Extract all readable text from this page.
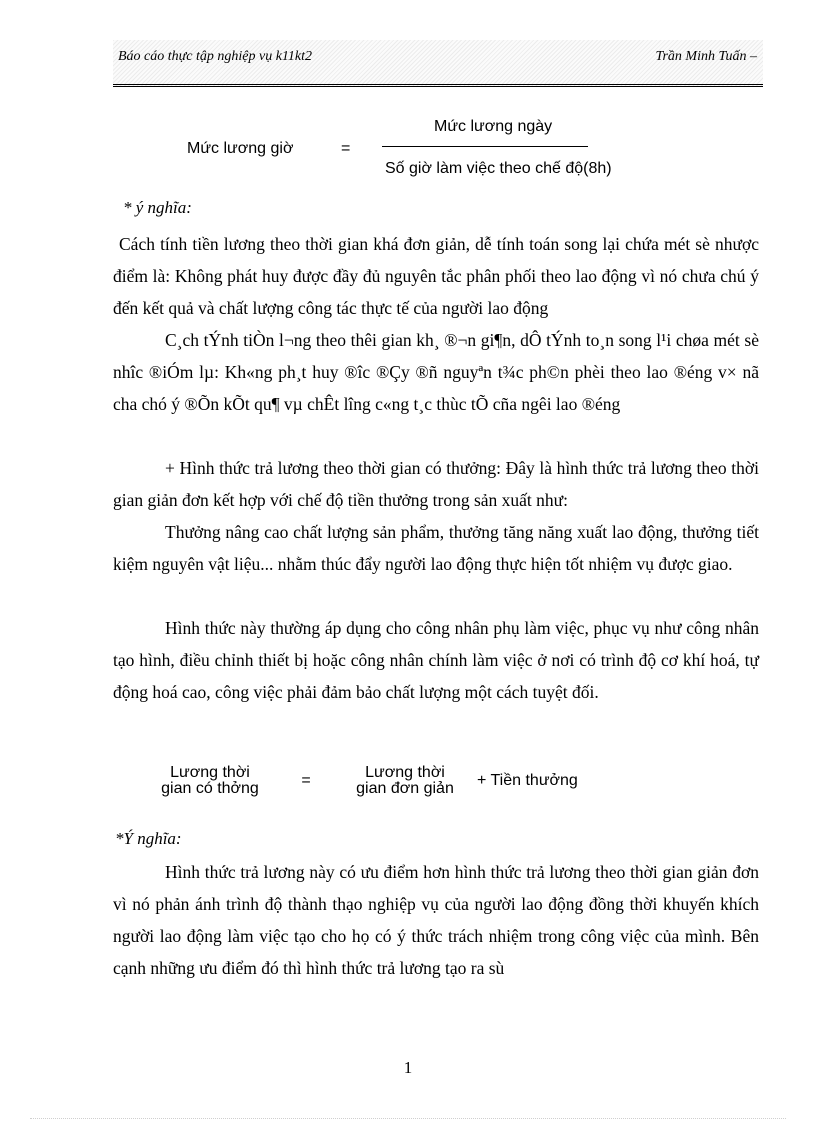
Báo cáo thực tập nghiệp vụ k11kt2	Trần Minh Tuấn –
Mức lương giờ	=
Mức lương ngày
Số giờ làm việc theo chế độ(8h)
* ý nghĩa:

Cách tính tiền lương theo thời gian khá đơn giản, dễ tính toán song lại chứa mét sè nhược điểm là: Không phát huy được đầy đủ nguyên tắc phân phối theo lao động vì nó chưa chú ý đến kết quả và chất lượng công tác thực tế của người lao động

C¸ch tÝnh tiÒn l¬ng theo thêi gian kh¸ ®¬n gi¶n, dÔ tÝnh to¸n song l¹i chøa mét sè nhîc ®iÓm lµ: Kh«ng ph¸t huy ®îc ®Çy ®ñ nguyªn t¾c ph©n phèi theo lao ®éng v× nã cha chó ý ®Õn kÕt qu¶ vµ chÊt lîng c«ng t¸c thùc tÕ cña ngêi lao ®éng

+ Hình thức trả lương theo thời gian có thưởng: Đây là hình thức trả lương theo thời gian giản đơn kết hợp với chế độ tiền thưởng trong sản xuất như:

Thưởng nâng cao chất lượng sản phẩm, thưởng tăng năng xuất lao động, thưởng tiết kiệm nguyên vật liệu... nhằm thúc đẩy người lao động thực hiện tốt nhiệm vụ được giao.

Hình thức này thường áp dụng cho công nhân phụ làm việc, phục vụ như công nhân tạo hình, điều chỉnh thiết bị hoặc công nhân chính làm việc ở nơi có trình độ cơ khí hoá, tự động hoá cao, công việc phải đảm bảo chất lượng một cách tuyệt đối.

Lương thời
gian có thởng	=	Lương thời
gian đơn giản	+ Tiền thưởng
*Ý nghĩa:

Hình thức trả lương này có ưu điểm hơn hình thức trả lương theo thời gian giản đơn vì nó phản ánh trình độ thành thạo nghiệp vụ của người lao động đồng thời khuyến khích người lao động làm việc tạo cho họ có ý thức trách nhiệm trong công việc của mình. Bên cạnh những ưu điểm đó thì hình thức trả lương tạo ra sù

1
